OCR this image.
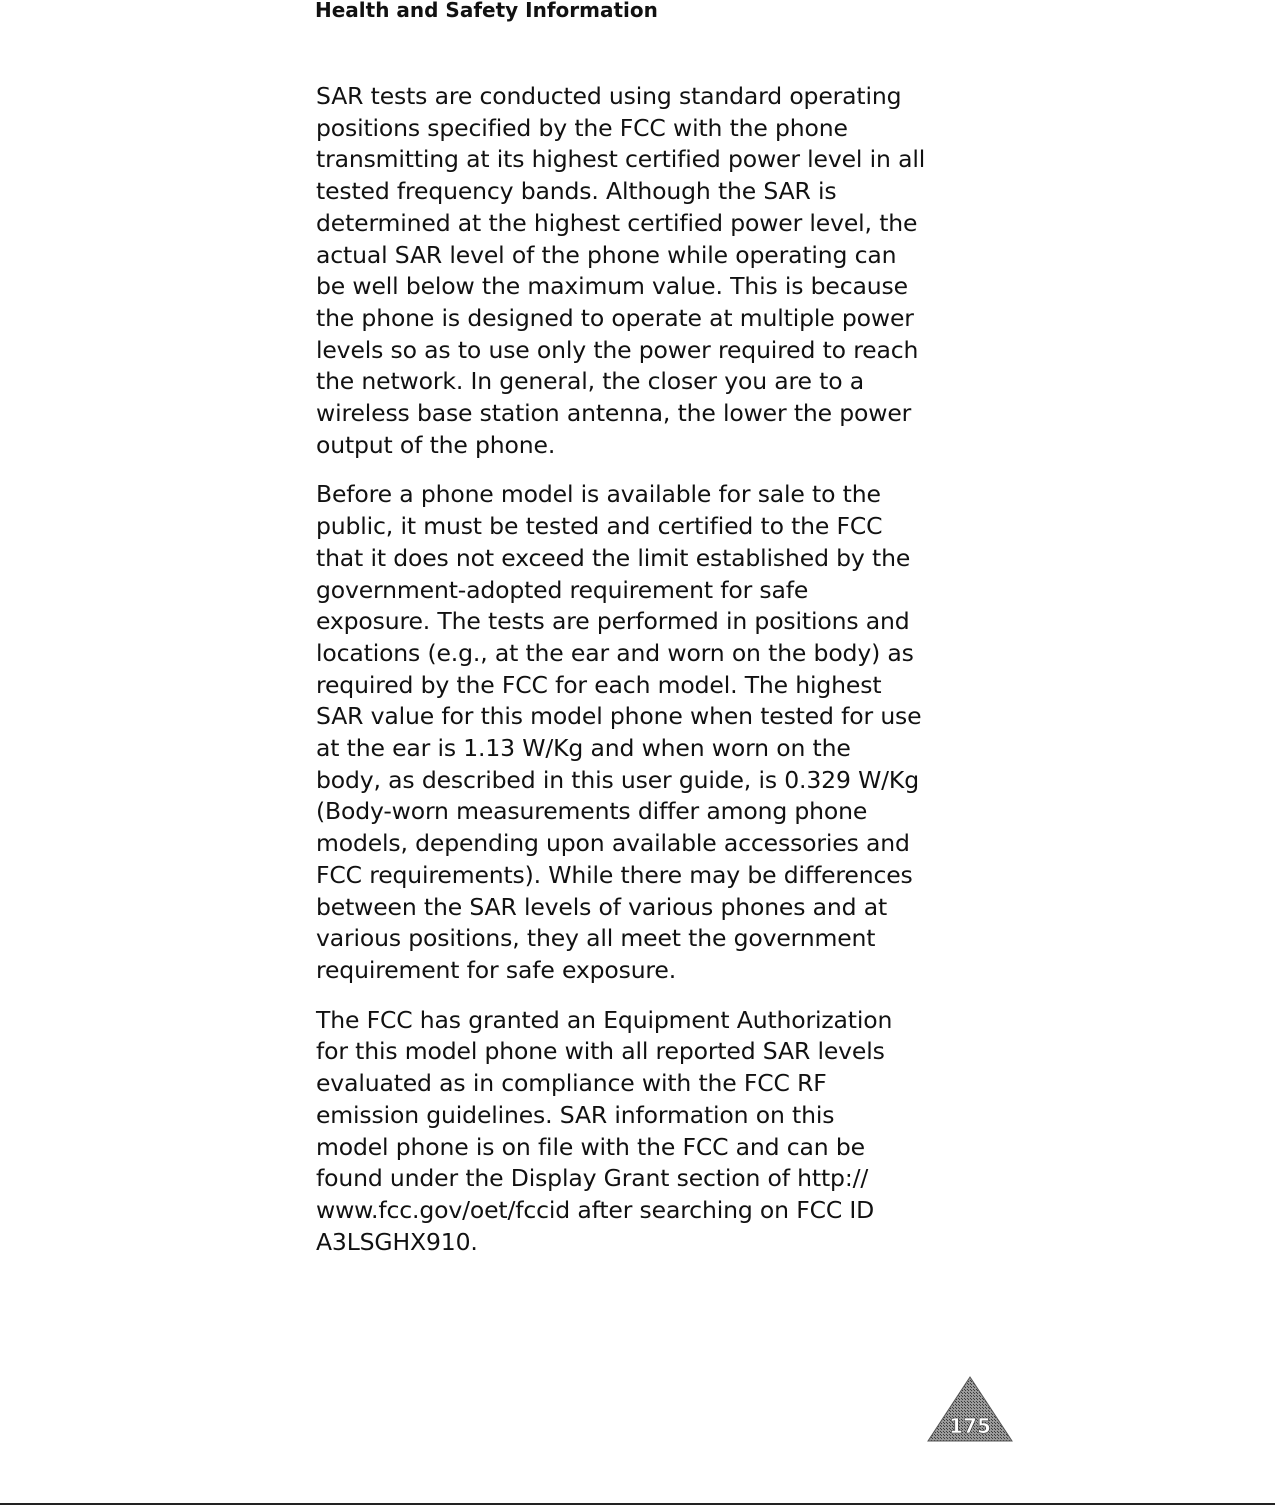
Health and Safety Information

SAR tests are conducted using standard operating
positions specified by the FCC with the phone
transmitting at its highest certified power level in all
tested frequency bands. Although the SAR is
determined at the highest certified power level, the
actual SAR level of the phone while operating can
be well below the maximum value. This is because
the phone is designed to operate at multiple power
levels so as to use only the power required to reach
the network. In general, the closer you are to a
wireless base station antenna, the lower the power
output of the phone.

Before a phone model is available for sale to the
public, it must be tested and certified to the FCC
that it does not exceed the limit established by the
government-adopted requirement for safe
exposure. The tests are performed in positions and
locations (e.g., at the ear and worn on the body) as
required by the FCC for each model. The highest
SAR value for this model phone when tested for use
at the ear is 1.13 W/Kg and when worn on the
body, as described in this user guide, is 0.329 W/Kg
(Body-worn measurements differ among phone
models, depending upon available accessories and
FCC requirements). While there may be differences
between the SAR levels of various phones and at
various positions, they all meet the government
requirement for safe exposure.

The FCC has granted an Equipment Authorization
for this model phone with all reported SAR levels
evaluated as in compliance with the FCC RF
emission guidelines. SAR information on this
model phone is on file with the FCC and can be
found under the Display Grant section of http://
www.fcc.gov/oet/fccid after searching on FCC ID
A3LSGHX910.

175
